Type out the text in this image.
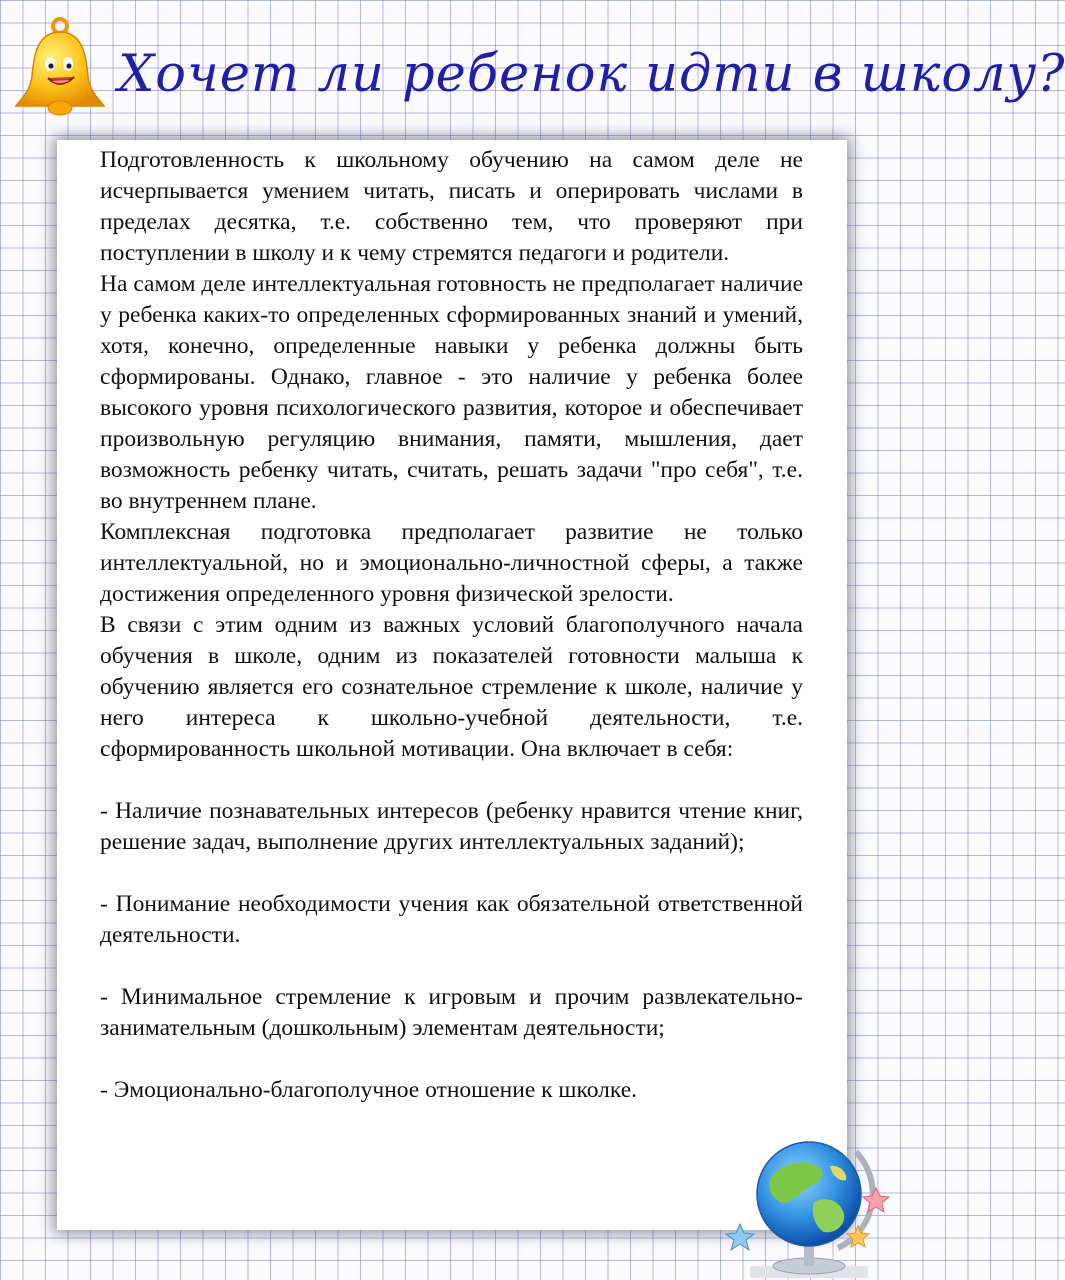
Хочет ли ребенок идти в школу?

Подготовленность к школьному обучению на самом деле не исчерпывается умением читать, писать и оперировать числами в пределах десятка, т.е. собственно тем, что проверяют при поступлении в школу и к чему стремятся педагоги и родители.

На самом деле интеллектуальная готовность не предполагает наличие у ребенка каких-то определенных сформированных знаний и умений, хотя, конечно, определенные навыки у ребенка должны быть сформированы. Однако, главное - это наличие у ребенка более высокого уровня психологического развития, которое и обеспечивает произвольную регуляцию внимания, памяти, мышления, дает возможность ребенку читать, считать, решать задачи "про себя", т.е. во внутреннем плане.

Комплексная подготовка предполагает развитие не только интеллектуальной, но и эмоционально-личностной сферы, а также достижения определенного уровня физической зрелости.

В связи с этим одним из важных условий благополучного начала обучения в школе, одним из показателей готовности малыша к обучению является его сознательное стремление к школе, наличие у него интереса к школьно-учебной деятельности, т.е. сформированность школьной мотивации. Она включает в себя:

- Наличие познавательных интересов (ребенку нравится чтение книг, решение задач, выполнение других интеллектуальных заданий);

- Понимание необходимости учения как обязательной ответственной деятельности.

- Минимальное стремление к игровым и прочим развлекательно-занимательным (дошкольным) элементам деятельности;

- Эмоционально-благополучное отношение к школке.
